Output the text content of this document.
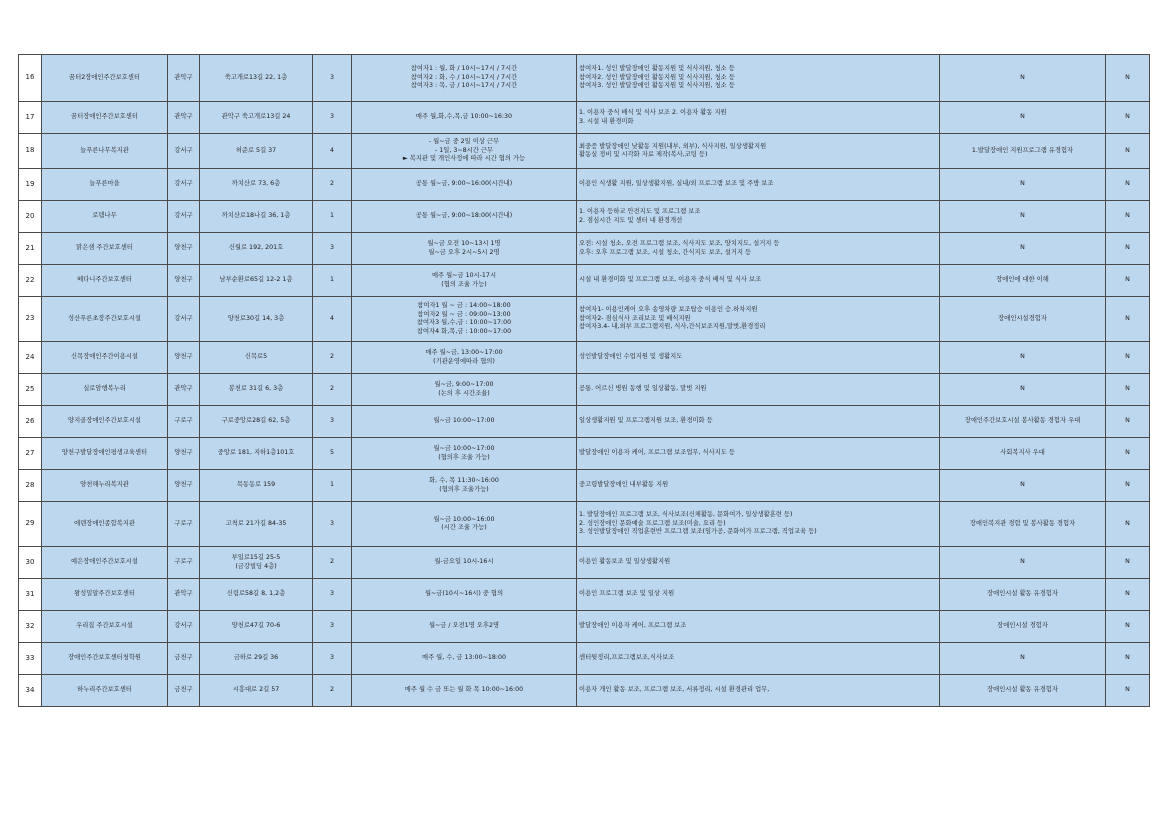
16	꿈터2장애인주간보호센터	관악구	쑥고개로13길 22, 1층	3	참여자1 : 월, 화 / 10시~17시 / 7시간
참여자2 : 화, 수 / 10시~17시 / 7시간
참여자3 : 목, 금 / 10시~17시 / 7시간	참여자1. 성인 발달장애인 활동지원 및 식사지원, 청소 등
참여자2. 성인 발달장애인 활동지원 및 식사지원, 청소 등
참여자3. 성인 발달장애인 활동지원 및 식사지원, 청소 등	N	N
17	꿈터장애인주간보호센터	관악구	관악구 쑥고개로13길 24	3	매주 월,화,수,목,금 10:00~16:30	1. 이용자 중식 배식 및 식사 보조 2. 이용자 활동 지원
3. 시설 내 환경미화	N	N
18	늘푸른나무복지관	강서구	허준로 5길 37	4	- 월~금 중 2일 이상 근무
- 1일, 3~8시간 근무
► 복지관 및 개인사정에 따라 시간 협의 가능	최중증 발달장애인 낮활동 지원(내부, 외부), 식사지원, 일상생활지원
활동실 정비 및 시각화 자료 제작(복사,코팅 등)	1.발달장애인 지원프로그램 유경험자	N
19	늘푸른마을	강서구	까치산로 73, 6층	2	공통 월~금, 9:00~16:00(시간내)	이용인 식생활 지원, 일상생활지원, 실내/외 프로그램 보조 및 주방 보조	N	N
20	로뎀나무	강서구	까치산로18나길 36, 1층	1	공통 월~금, 9:00~18:00(시간내)	1. 이용자 등하교 안전지도 및 프로그램 보조
2. 점심시간 지도 및 센터 내 환경개선	N	N
21	맑은샘 주간보호센터	양천구	신월로 192, 201호	3	월~금 오전 10~13시 1명
월~금 오후 2시~5시 2명	오전: 시설 청소, 오전 프로그램 보조, 식사지도 보조, 양치지도, 설거지 등
오후: 오후 프로그램 보조, 시설 청소, 간식지도 보조, 설거지 등	N	N
22	베다니주간보호센터	양천구	남부순환로65길 12-2 1층	1	매주 월~금 10시-17시
(협의 조율 가능)	시설 내 환경미화 및 프로그램 보조, 이용자 중식 배식 및 식사 보조	장애인에 대한 이해	N
23	성산푸른초장주간보호시설	강서구	양천로30길 14, 3층	4	참여자1 월 ~ 금 : 14:00~18:00
참여자2 월 ~ 금 : 09:00~13:00
참여자3 월,수,금 : 10:00~17:00
참여자4 화,목,금 : 10:00~17:00	참여자1- 이용인케어 오후 송영차량 보조탑승 이용인 승.하차지원
참여자2- 점심식사 조리보조 및 배식지원
참여자3.4- 내,외부 프로그램지원, 식사,간식보조지원,말벗,환경정리	장애인시설경험자	N
24	신목장애인주간이용시설	양천구	신목로5	2	매주 월~금, 13:00~17:00
(기관운영에따라 협의)	성인발달장애인 수업지원 및 생활지도	N	N
25	실로암행복누리	관악구	봉천로 31길 6, 3층	2	월~금, 9:00~17:00
(논의 후 시간조율)	공통. 어르신 병원 동행 및 일상활동, 말벗 지원	N	N
26	양지골장애인주간보호시설	구로구	구로중앙로28길 62, 5층	3	월~금 10:00~17:00	일상생활지원 및 프로그램지원 보조, 환경미화 등	장애인주간보호시설 봉사활동 경험자 우대	N
27	양천구발달장애인평생교육센터	양천구	중앙로 181, 지하1층101호	5	월~금 10:00~17:00
(협의후 조율 가능)	발달장애인 이용자 케어, 프로그램 보조업무, 식사지도 등	사회복지사 우대	N
28	양천해누리복지관	양천구	목동동로 159	1	화, 수, 목 11:30~16:00
(협의후 조율가능)	중고령발달장애인 내부활동 지원	N	N
29	에덴장애인종합복지관	구로구	고척로 21가길 84-35	3	월~금 10:00~16:00
(시간 조율 가능)	1. 발달장애인 프로그램 보조, 식사보조(신체활동, 문화여가, 일상생활훈련 등)
2. 성인장애인 문화예술 프로그램 보조(미술, 요리 등)
3. 성인발달장애인 직업훈련반 프로그램 보조(임가공, 문화여가 프로그램, 직업교육 등)	장애인복지관 경험 및 봉사활동 경험자	N
30	예은장애인주간보호시설	구로구	부일로15길 25-5
(금강빌딩 4층)	2	월-금요일 10시-16시	이용인 활동보조 및 일상생활지원	N	N
31	왕성밀알주간보호센터	관악구	신림로58길 8, 1,2층	3	월~금(10시~16시) 중 협의	이용인 프로그램 보조 및 일상 지원	장애인시설 활동 유경험자	N
32	우리집 주간보호시설	강서구	양천로47길 70-6	3	월~금 / 오전1명 오후2명	발달장애인 이용자 케어, 프로그램 보조	장애인시설 경험자	N
33	장애인주간보호센터청학원	금천구	금하로 29길 36	3	매주 월, 수, 금 13:00~18:00	센터뒷정리,프로그램보조,식사보조	N	N
34	하누리주간보호센터	금천구	시흥대로 2길 57	2	매주 월 수 금 또는 월 화 목 10:00~16:00	이용자 개인 활동 보조, 프로그램 보조, 서류정리, 시설 환경관리 업무,	장애인시설 활동 유경험자	N
